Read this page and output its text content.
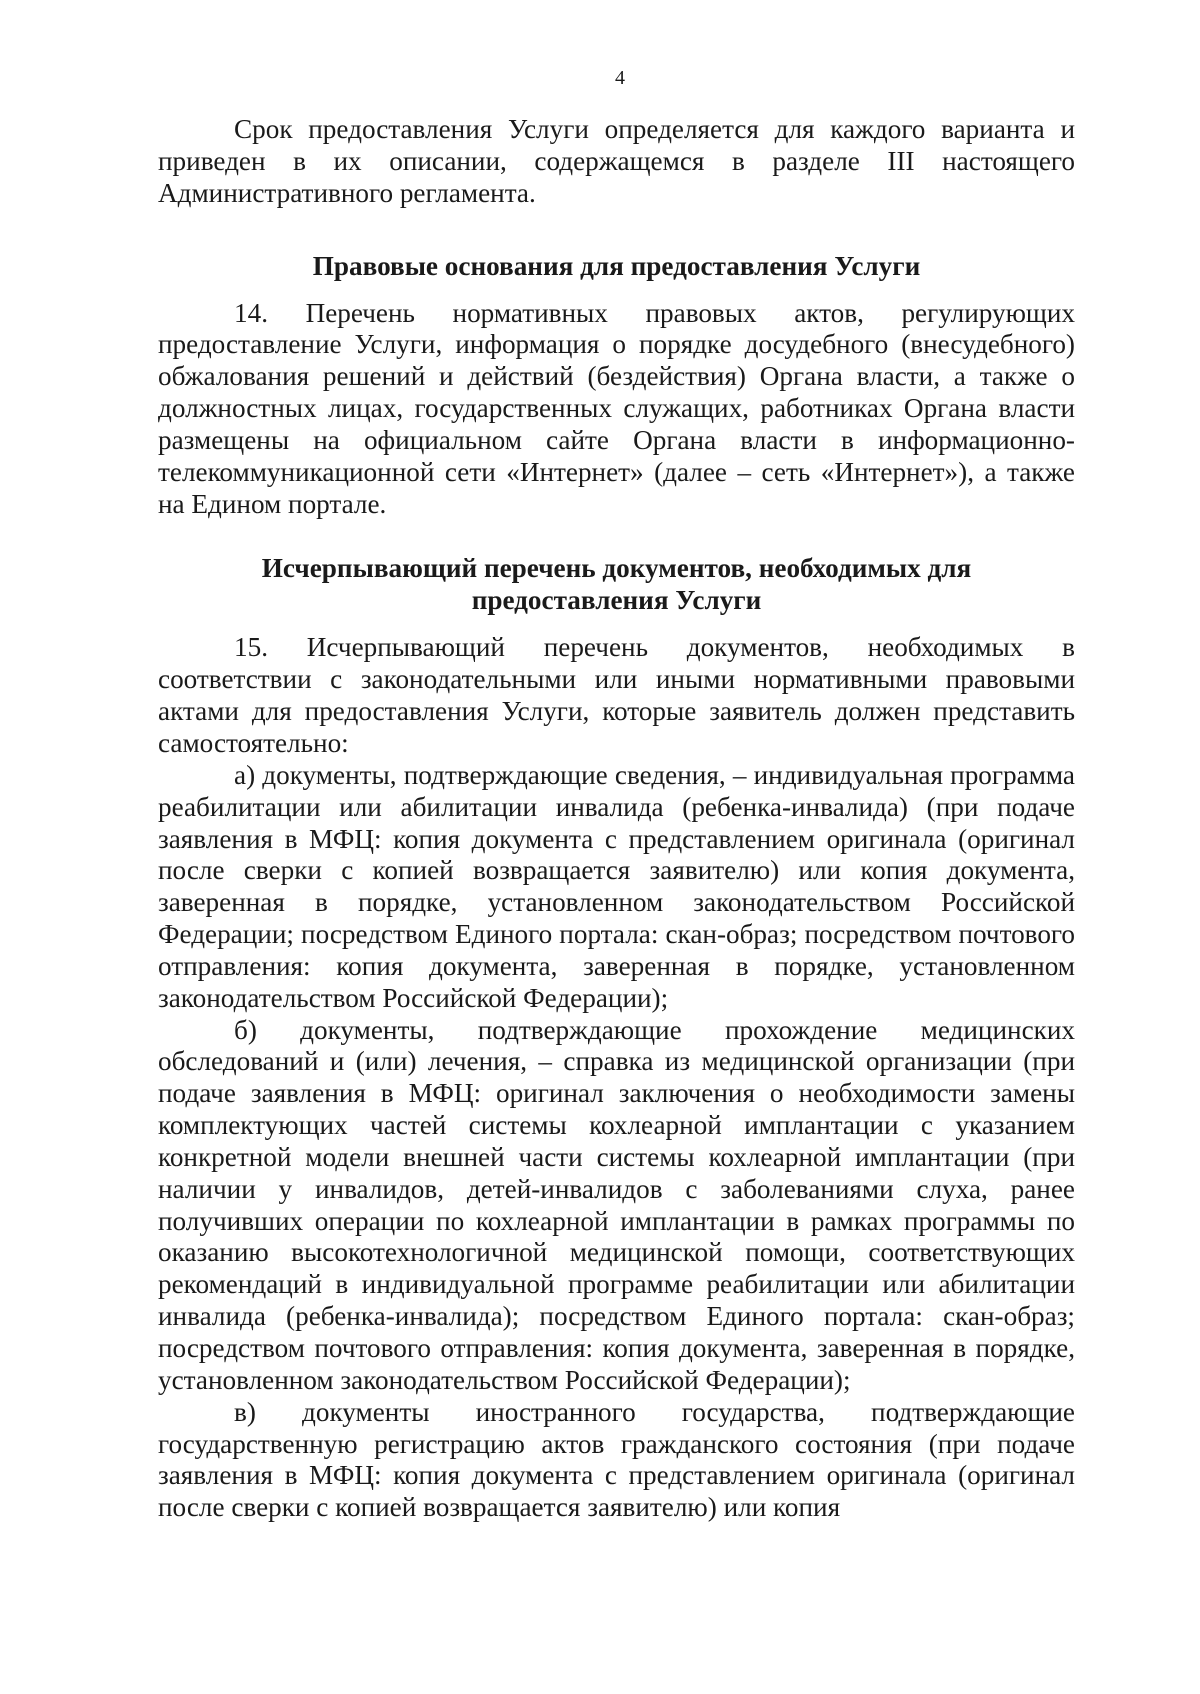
4

Срок предоставления Услуги определяется для каждого варианта и приведен в их описании, содержащемся в разделе III настоящего Административного регламента.

Правовые основания для предоставления Услуги

14. Перечень нормативных правовых актов, регулирующих предоставление Услуги, информация о порядке досудебного (внесудебного) обжалования решений и действий (бездействия) Органа власти, а также о должностных лицах, государственных служащих, работниках Органа власти размещены на официальном сайте Органа власти в информационно-телекоммуникационной сети «Интернет» (далее – сеть «Интернет»), а также на Едином портале.

Исчерпывающий перечень документов, необходимых для
предоставления Услуги

15. Исчерпывающий перечень документов, необходимых в соответствии с законодательными или иными нормативными правовыми актами для предоставления Услуги, которые заявитель должен представить самостоятельно:

а) документы, подтверждающие сведения, – индивидуальная программа реабилитации или абилитации инвалида (ребенка-инвалида) (при подаче заявления в МФЦ: копия документа с представлением оригинала (оригинал после сверки с копией возвращается заявителю) или копия документа, заверенная в порядке, установленном законодательством Российской Федерации; посредством Единого портала: скан-образ; посредством почтового отправления: копия документа, заверенная в порядке, установленном законодательством Российской Федерации);

б) документы, подтверждающие прохождение медицинских обследований и (или) лечения, – справка из медицинской организации (при подаче заявления в МФЦ: оригинал заключения о необходимости замены комплектующих частей системы кохлеарной имплантации с указанием конкретной модели внешней части системы кохлеарной имплантации (при наличии у инвалидов, детей-инвалидов с заболеваниями слуха, ранее получивших операции по кохлеарной имплантации в рамках программы по оказанию высокотехнологичной медицинской помощи, соответствующих рекомендаций в индивидуальной программе реабилитации или абилитации инвалида (ребенка-инвалида); посредством Единого портала: скан-образ; посредством почтового отправления: копия документа, заверенная в порядке, установленном законодательством Российской Федерации);

в) документы иностранного государства, подтверждающие государственную регистрацию актов гражданского состояния (при подаче заявления в МФЦ: копия документа с представлением оригинала (оригинал после сверки с копией возвращается заявителю) или копия
